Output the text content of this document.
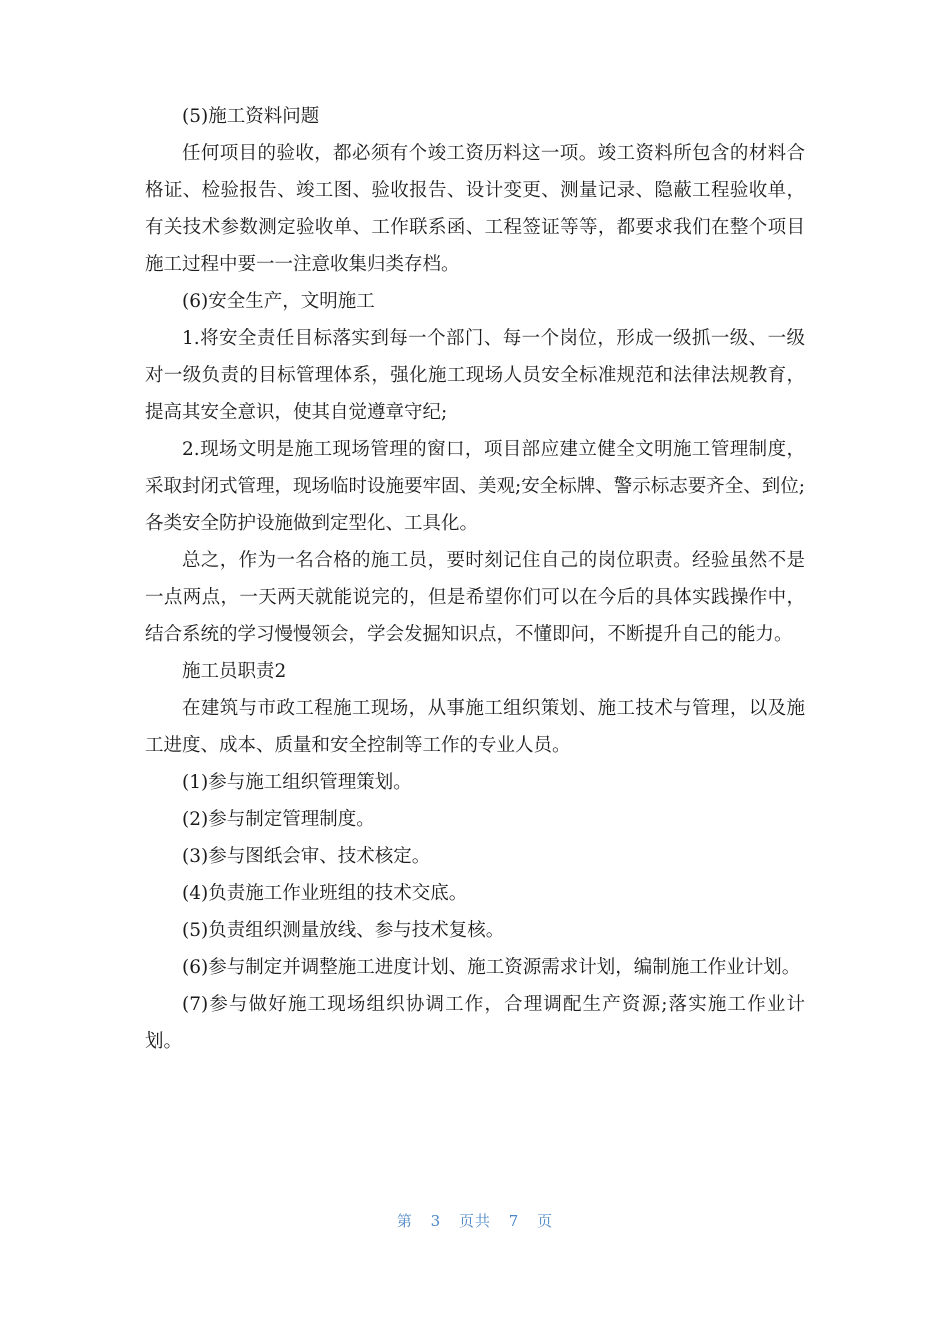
(5)施工资料问题

任何项目的验收，都必须有个竣工资历料这一项。竣工资料所包含的材料合格证、检验报告、竣工图、验收报告、设计变更、测量记录、隐蔽工程验收单，有关技术参数测定验收单、工作联系函、工程签证等等，都要求我们在整个项目施工过程中要一一注意收集归类存档。

(6)安全生产，文明施工

1.将安全责任目标落实到每一个部门、每一个岗位，形成一级抓一级、一级对一级负责的目标管理体系，强化施工现场人员安全标准规范和法律法规教育，提高其安全意识，使其自觉遵章守纪;

2.现场文明是施工现场管理的窗口，项目部应建立健全文明施工管理制度，采取封闭式管理，现场临时设施要牢固、美观;安全标牌、警示标志要齐全、到位;各类安全防护设施做到定型化、工具化。

总之，作为一名合格的施工员，要时刻记住自己的岗位职责。经验虽然不是一点两点，一天两天就能说完的，但是希望你们可以在今后的具体实践操作中，结合系统的学习慢慢领会，学会发掘知识点，不懂即问，不断提升自己的能力。

施工员职责2

在建筑与市政工程施工现场，从事施工组织策划、施工技术与管理，以及施工进度、成本、质量和安全控制等工作的专业人员。

(1)参与施工组织管理策划。

(2)参与制定管理制度。

(3)参与图纸会审、技术核定。

(4)负责施工作业班组的技术交底。

(5)负责组织测量放线、参与技术复核。

(6)参与制定并调整施工进度计划、施工资源需求计划，编制施工作业计划。

(7)参与做好施工现场组织协调工作，合理调配生产资源;落实施工作业计划。

第 3 页共 7 页
